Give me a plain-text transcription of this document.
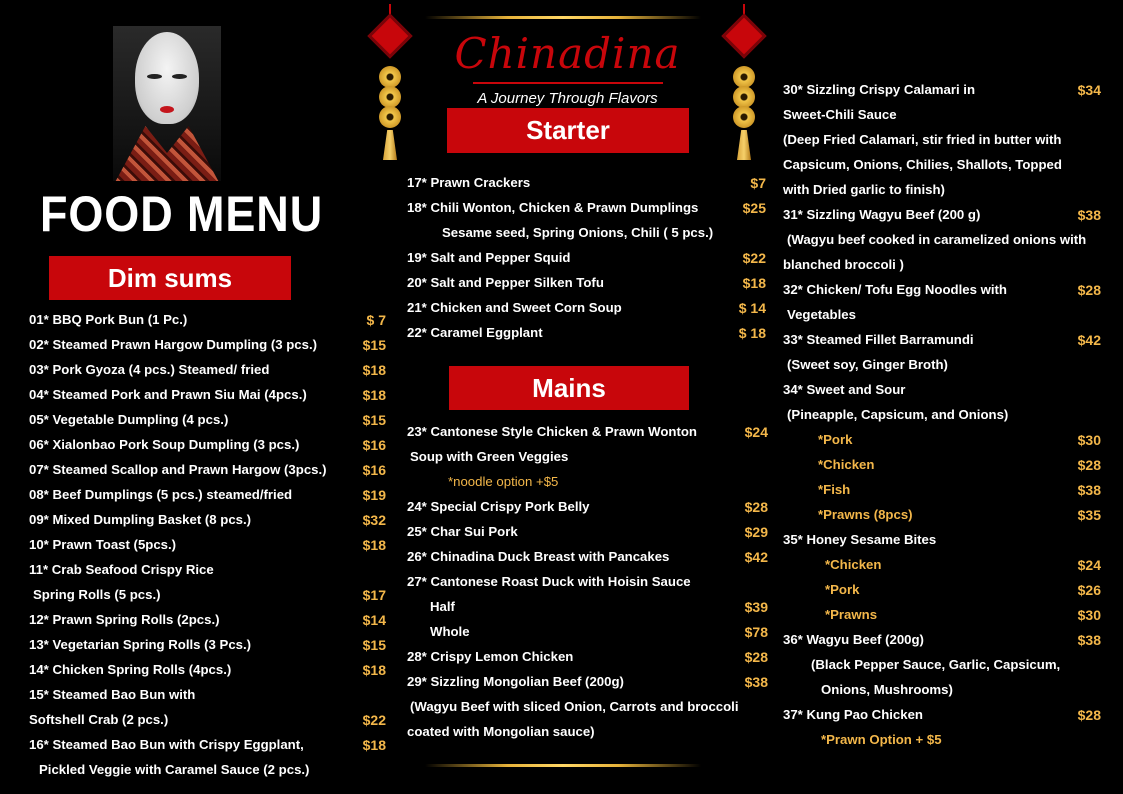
FOOD MENU
Dim sums
Chinadina
A Journey Through Flavors
Starter
Mains
01* BBQ Pork Bun (1 Pc.)	$ 7
02* Steamed Prawn Hargow Dumpling (3 pcs.)	$15
03* Pork Gyoza (4 pcs.) Steamed/ fried	$18
04* Steamed Pork and Prawn Siu Mai (4pcs.)	$18
05* Vegetable Dumpling (4 pcs.)	$15
06* Xialonbao Pork Soup Dumpling (3 pcs.)	$16
07* Steamed Scallop and Prawn Hargow (3pcs.)	$16
08* Beef Dumplings (5 pcs.) steamed/fried	$19
09* Mixed Dumpling Basket (8 pcs.)	$32
10* Prawn Toast (5pcs.)	$18
11* Crab Seafood Crispy Rice
Spring Rolls (5 pcs.)	$17
12* Prawn Spring Rolls (2pcs.)	$14
13* Vegetarian Spring Rolls (3 Pcs.)	$15
14* Chicken Spring Rolls (4pcs.)	$18
15* Steamed Bao Bun with
Softshell Crab (2 pcs.)	$22
16* Steamed Bao Bun with Crispy Eggplant,	$18
Pickled Veggie with Caramel Sauce (2 pcs.)
17* Prawn Crackers	$7
18* Chili Wonton, Chicken & Prawn Dumplings	$25
Sesame seed, Spring Onions, Chili ( 5 pcs.)
19* Salt and Pepper Squid	$22
20* Salt and Pepper Silken Tofu	$18
21* Chicken and Sweet Corn Soup	$ 14
22* Caramel Eggplant	$ 18
23* Cantonese Style Chicken & Prawn Wonton	$24
Soup with Green Veggies
*noodle option +$5
24* Special Crispy Pork Belly	$28
25* Char Sui Pork	$29
26* Chinadina Duck Breast with Pancakes	$42
27* Cantonese Roast Duck with Hoisin Sauce
Half	$39
Whole	$78
28* Crispy Lemon Chicken	$28
29* Sizzling Mongolian Beef (200g)	$38
(Wagyu Beef with sliced Onion, Carrots and broccoli
coated with Mongolian sauce)
30* Sizzling Crispy Calamari in	$34
Sweet-Chili Sauce
(Deep Fried Calamari, stir fried in butter with
Capsicum, Onions, Chilies, Shallots, Topped
with Dried garlic to finish)
31* Sizzling Wagyu Beef (200 g)	$38
(Wagyu beef cooked in caramelized onions with
blanched broccoli )
32* Chicken/ Tofu Egg Noodles with	$28
Vegetables
33* Steamed Fillet Barramundi	$42
(Sweet soy, Ginger Broth)
34* Sweet and Sour
(Pineapple, Capsicum, and Onions)
*Pork	$30
*Chicken	$28
*Fish	$38
*Prawns (8pcs)	$35
35* Honey Sesame Bites
*Chicken	$24
*Pork	$26
*Prawns	$30
36* Wagyu Beef (200g)	$38
(Black Pepper Sauce, Garlic, Capsicum,
Onions, Mushrooms)
37* Kung Pao Chicken	$28
*Prawn Option + $5
